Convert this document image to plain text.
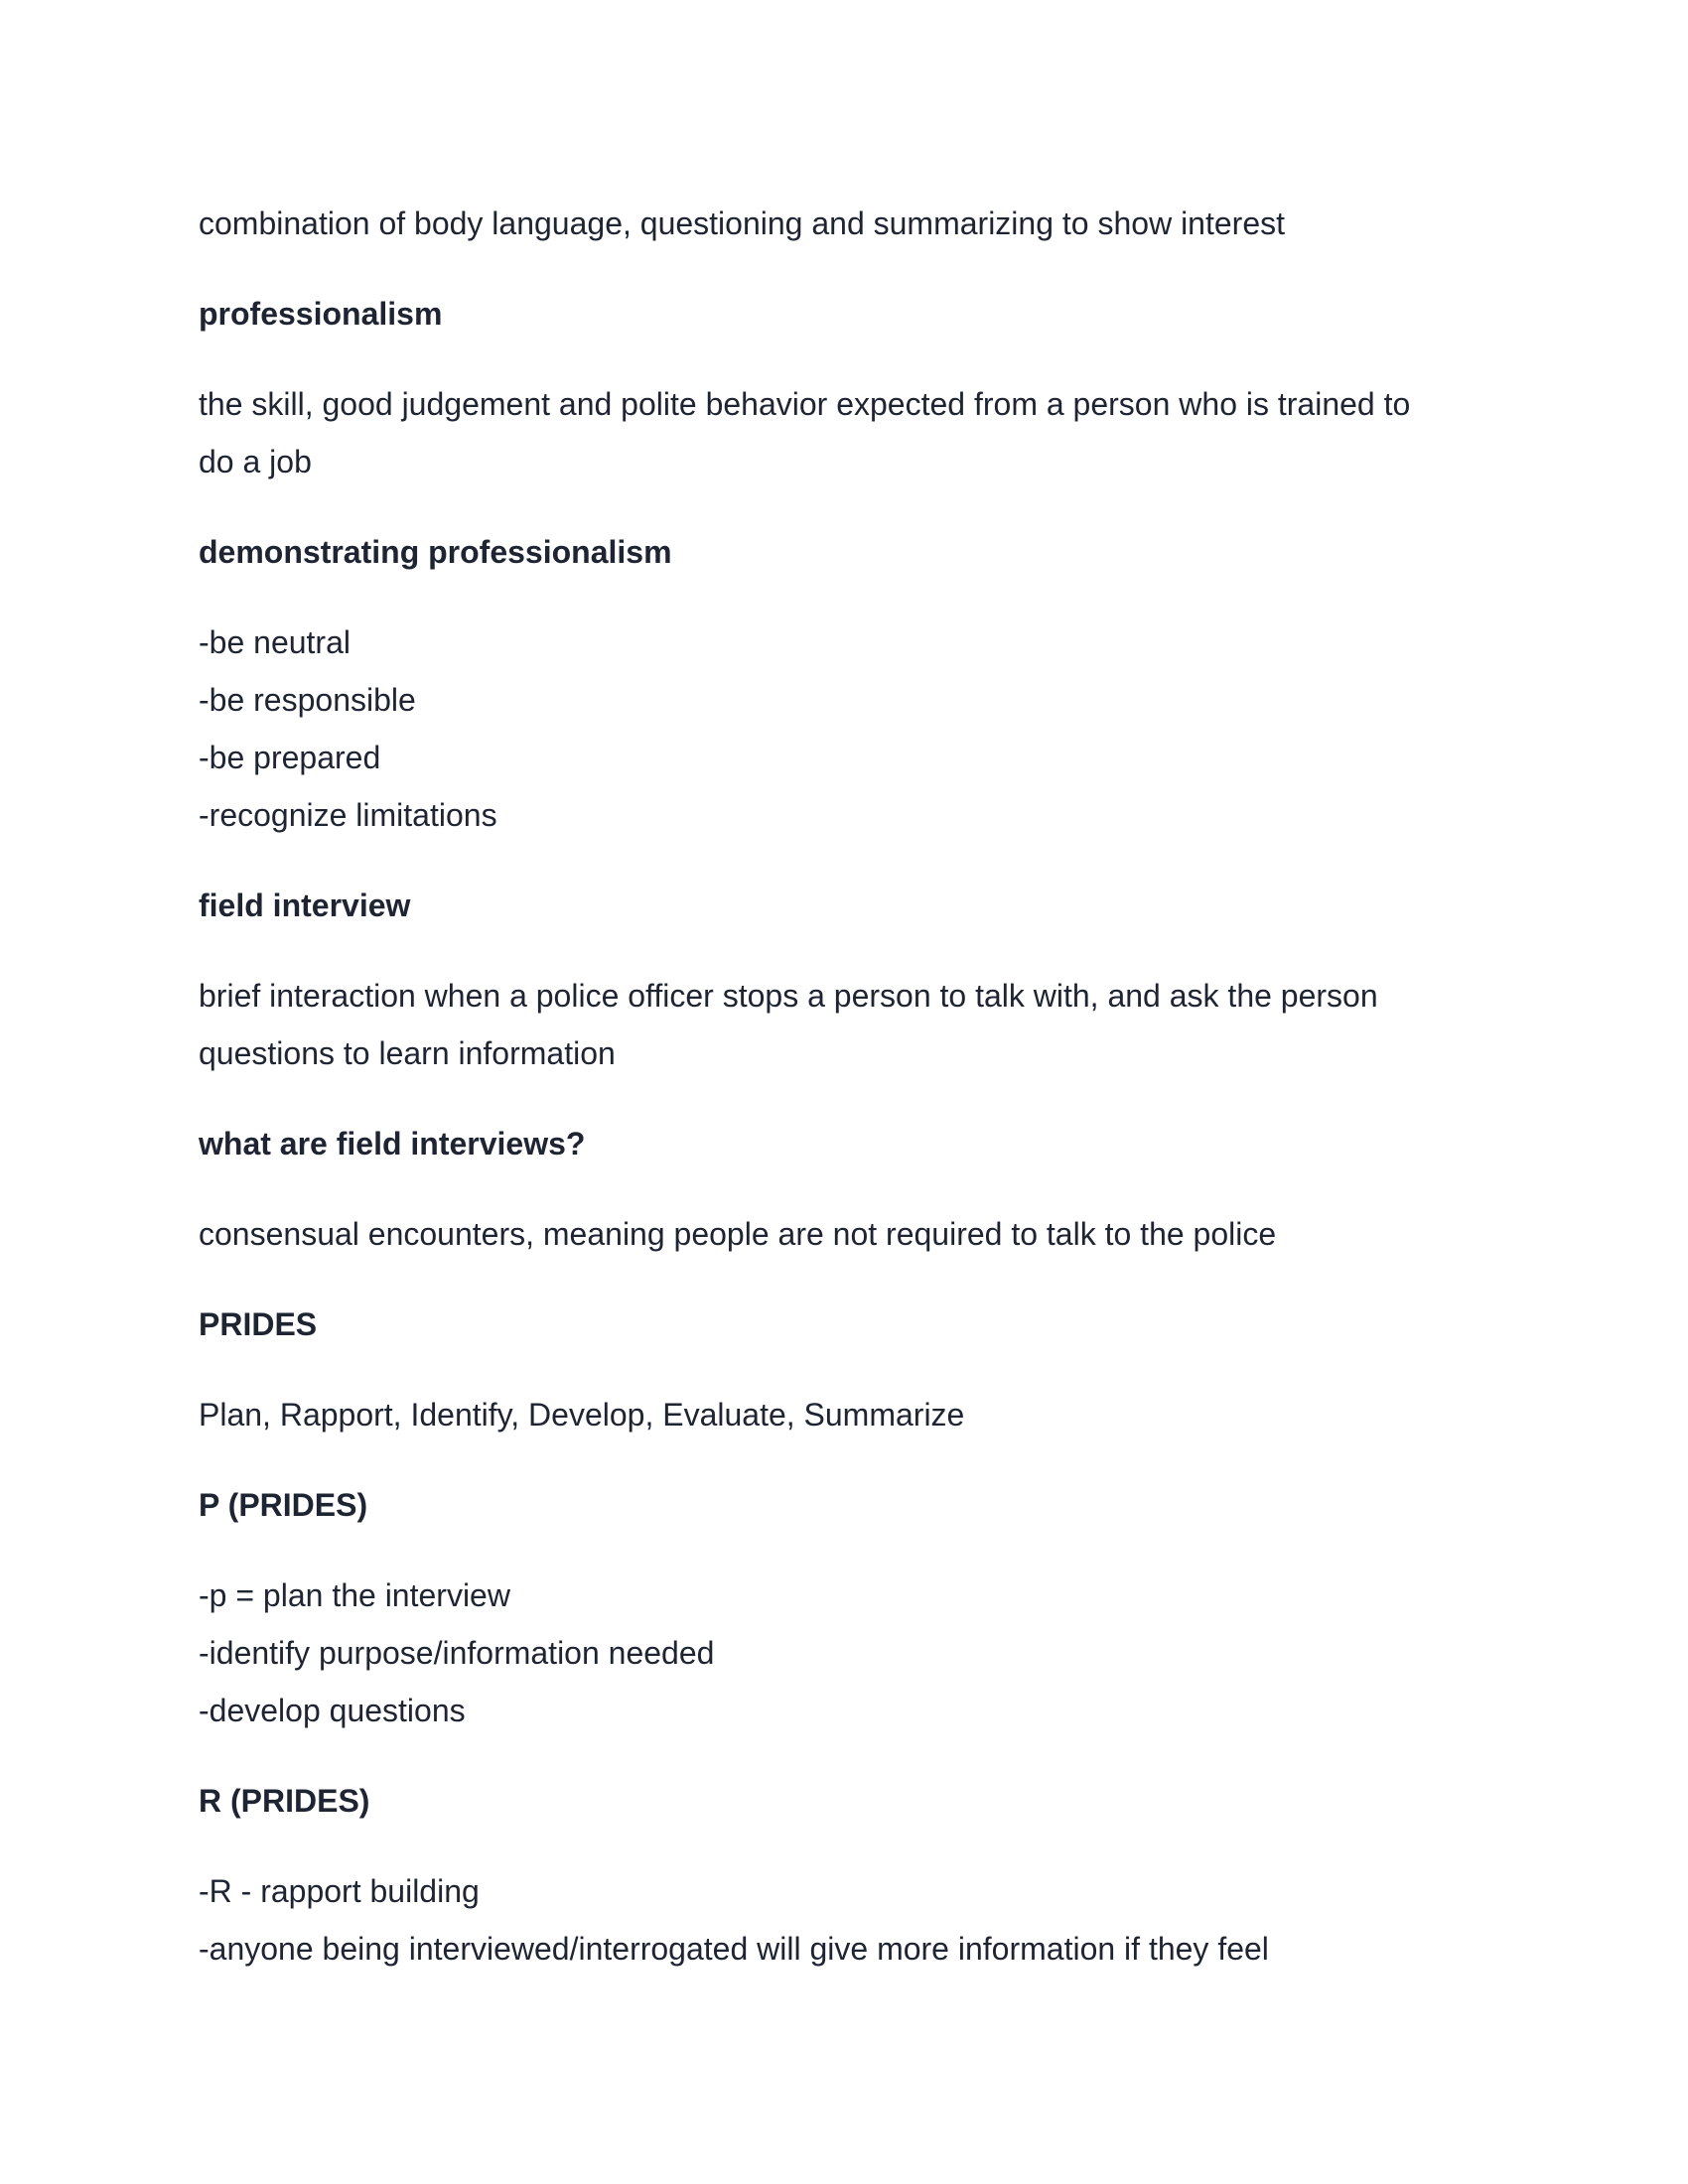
combination of body language, questioning and summarizing to show interest
professionalism
the skill, good judgement and polite behavior expected from a person who is trained to
do a job
demonstrating professionalism
-be neutral
-be responsible
-be prepared
-recognize limitations
field interview
brief interaction when a police officer stops a person to talk with, and ask the person
questions to learn information
what are field interviews?
consensual encounters, meaning people are not required to talk to the police
PRIDES
Plan, Rapport, Identify, Develop, Evaluate, Summarize
P (PRIDES)
-p = plan the interview
-identify purpose/information needed
-develop questions
R (PRIDES)
-R - rapport building
-anyone being interviewed/interrogated will give more information if they feel
